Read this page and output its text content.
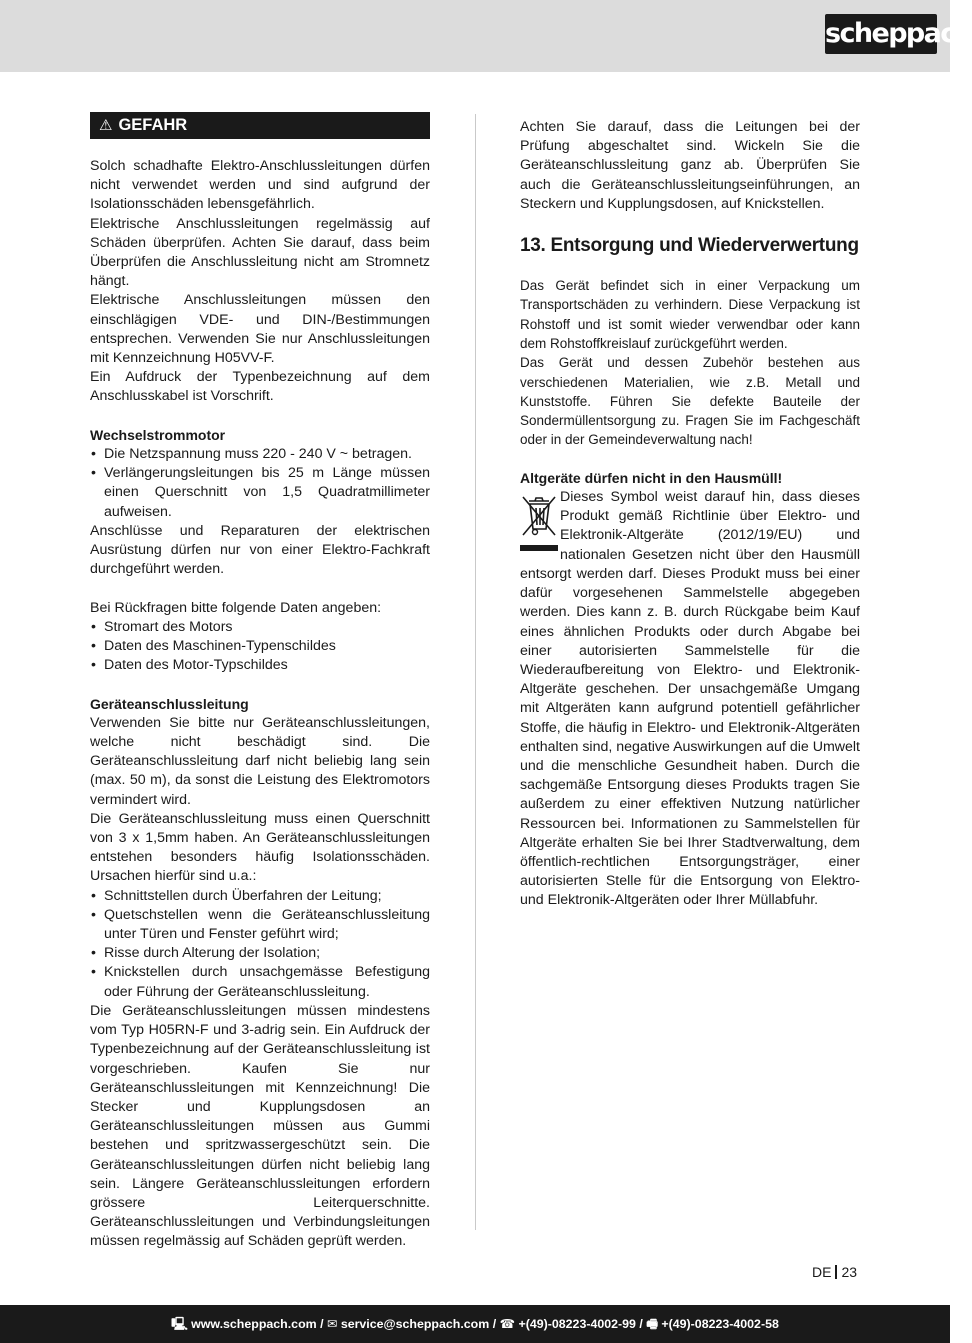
scheppach
⚠ GEFAHR

Solch schadhafte Elektro-Anschlussleitungen dürfen nicht verwendet werden und sind aufgrund der Isolationsschäden lebensgefährlich.

Elektrische Anschlussleitungen regelmässig auf Schäden überprüfen. Achten Sie darauf, dass beim Überprüfen die Anschlussleitung nicht am Stromnetz hängt.

Elektrische Anschlussleitungen müssen den einschlägigen VDE- und DIN-/Bestimmungen entsprechen. Verwenden Sie nur Anschlussleitungen mit Kennzeichnung H05VV-F.

Ein Aufdruck der Typenbezeichnung auf dem Anschlusskabel ist Vorschrift.

Wechselstrommotor
• Die Netzspannung muss 220 - 240 V ~ betragen.
• Verlängerungsleitungen bis 25 m Länge müssen einen Querschnitt von 1,5 Quadratmillimeter aufweisen.

Anschlüsse und Reparaturen der elektrischen Ausrüstung dürfen nur von einer Elektro-Fachkraft durchgeführt werden.

Bei Rückfragen bitte folgende Daten angeben:

• Stromart des Motors
• Daten des Maschinen-Typenschildes
• Daten des Motor-Typschildes
Geräteanschlussleitung

Verwenden Sie bitte nur Geräteanschlussleitungen, welche nicht beschädigt sind. Die Geräteanschlussleitung darf nicht beliebig lang sein (max. 50 m), da sonst die Leistung des Elektromotors vermindert wird.

Die Geräteanschlussleitung muss einen Querschnitt von 3 x 1,5mm haben. An Geräteanschlussleitungen entstehen besonders häufig Isolationsschäden. Ursachen hierfür sind u.a.:

• Schnittstellen durch Überfahren der Leitung;
• Quetschstellen wenn die Geräteanschlussleitung unter Türen und Fenster geführt wird;
• Risse durch Alterung der Isolation;
• Knickstellen durch unsachgemässe Befestigung oder Führung der Geräteanschlussleitung.

Die Geräteanschlussleitungen müssen mindestens vom Typ H05RN-F und 3-adrig sein. Ein Aufdruck der Typenbezeichnung auf der Geräteanschlussleitung ist vorgeschrieben. Kaufen Sie nur Geräteanschlussleitungen mit Kennzeichnung! Die Stecker und Kupplungsdosen an Geräteanschlussleitungen müssen aus Gummi bestehen und spritzwassergeschützt sein. Die Geräteanschlussleitungen dürfen nicht beliebig lang sein. Längere Geräteanschlussleitungen erfordern grössere Leiterquerschnitte. Geräteanschlussleitungen und Verbindungsleitungen müssen regelmässig auf Schäden geprüft werden.

Achten Sie darauf, dass die Leitungen bei der Prüfung abgeschaltet sind. Wickeln Sie die Geräteanschlussleitung ganz ab. Überprüfen Sie auch die Geräteanschlussleitungseinführungen, an Steckern und Kupplungsdosen, auf Knickstellen.

13. Entsorgung und Wiederverwertung

Das Gerät befindet sich in einer Verpackung um Transportschäden zu verhindern. Diese Verpackung ist Rohstoff und ist somit wieder verwendbar oder kann dem Rohstoffkreislauf zurückgeführt werden.

Das Gerät und dessen Zubehör bestehen aus verschiedenen Materialien, wie z.B. Metall und Kunststoffe. Führen Sie defekte Bauteile der Sondermüllentsorgung zu. Fragen Sie im Fachgeschäft oder in der Gemeindeverwaltung nach!

Altgeräte dürfen nicht in den Hausmüll!

Dieses Symbol weist darauf hin, dass dieses Produkt gemäß Richtlinie über Elektro- und Elektronik-Altgeräte (2012/19/EU) und nationalen Gesetzen nicht über den Hausmüll entsorgt werden darf. Dieses Produkt muss bei einer dafür vorgesehenen Sammelstelle abgegeben werden. Dies kann z. B. durch Rückgabe beim Kauf eines ähnlichen Produkts oder durch Abgabe bei einer autorisierten Sammelstelle für die Wiederaufbereitung von Elektro- und Elektronik- Altgeräte geschehen. Der unsachgemäße Umgang mit Altgeräten kann aufgrund potentiell gefährlicher Stoffe, die häufig in Elektro- und Elektronik-Altgeräten enthalten sind, negative Auswirkungen auf die Umwelt und die menschliche Gesundheit haben. Durch die sachgemäße Entsorgung dieses Produkts tragen Sie außerdem zu einer effektiven Nutzung natürlicher Ressourcen bei. Informationen zu Sammelstellen für Altgeräte erhalten Sie bei Ihrer Stadtverwaltung, dem öffentlich-rechtlichen Entsorgungsträger, einer autorisierten Stelle für die Entsorgung von Elektro- und Elektronik-Altgeräten oder Ihrer Müllabfuhr.

DE 23
🖳 www.scheppach.com / ✉ service@scheppach.com / ☎ +(49)-08223-4002-99 / 🖷 +(49)-08223-4002-58
